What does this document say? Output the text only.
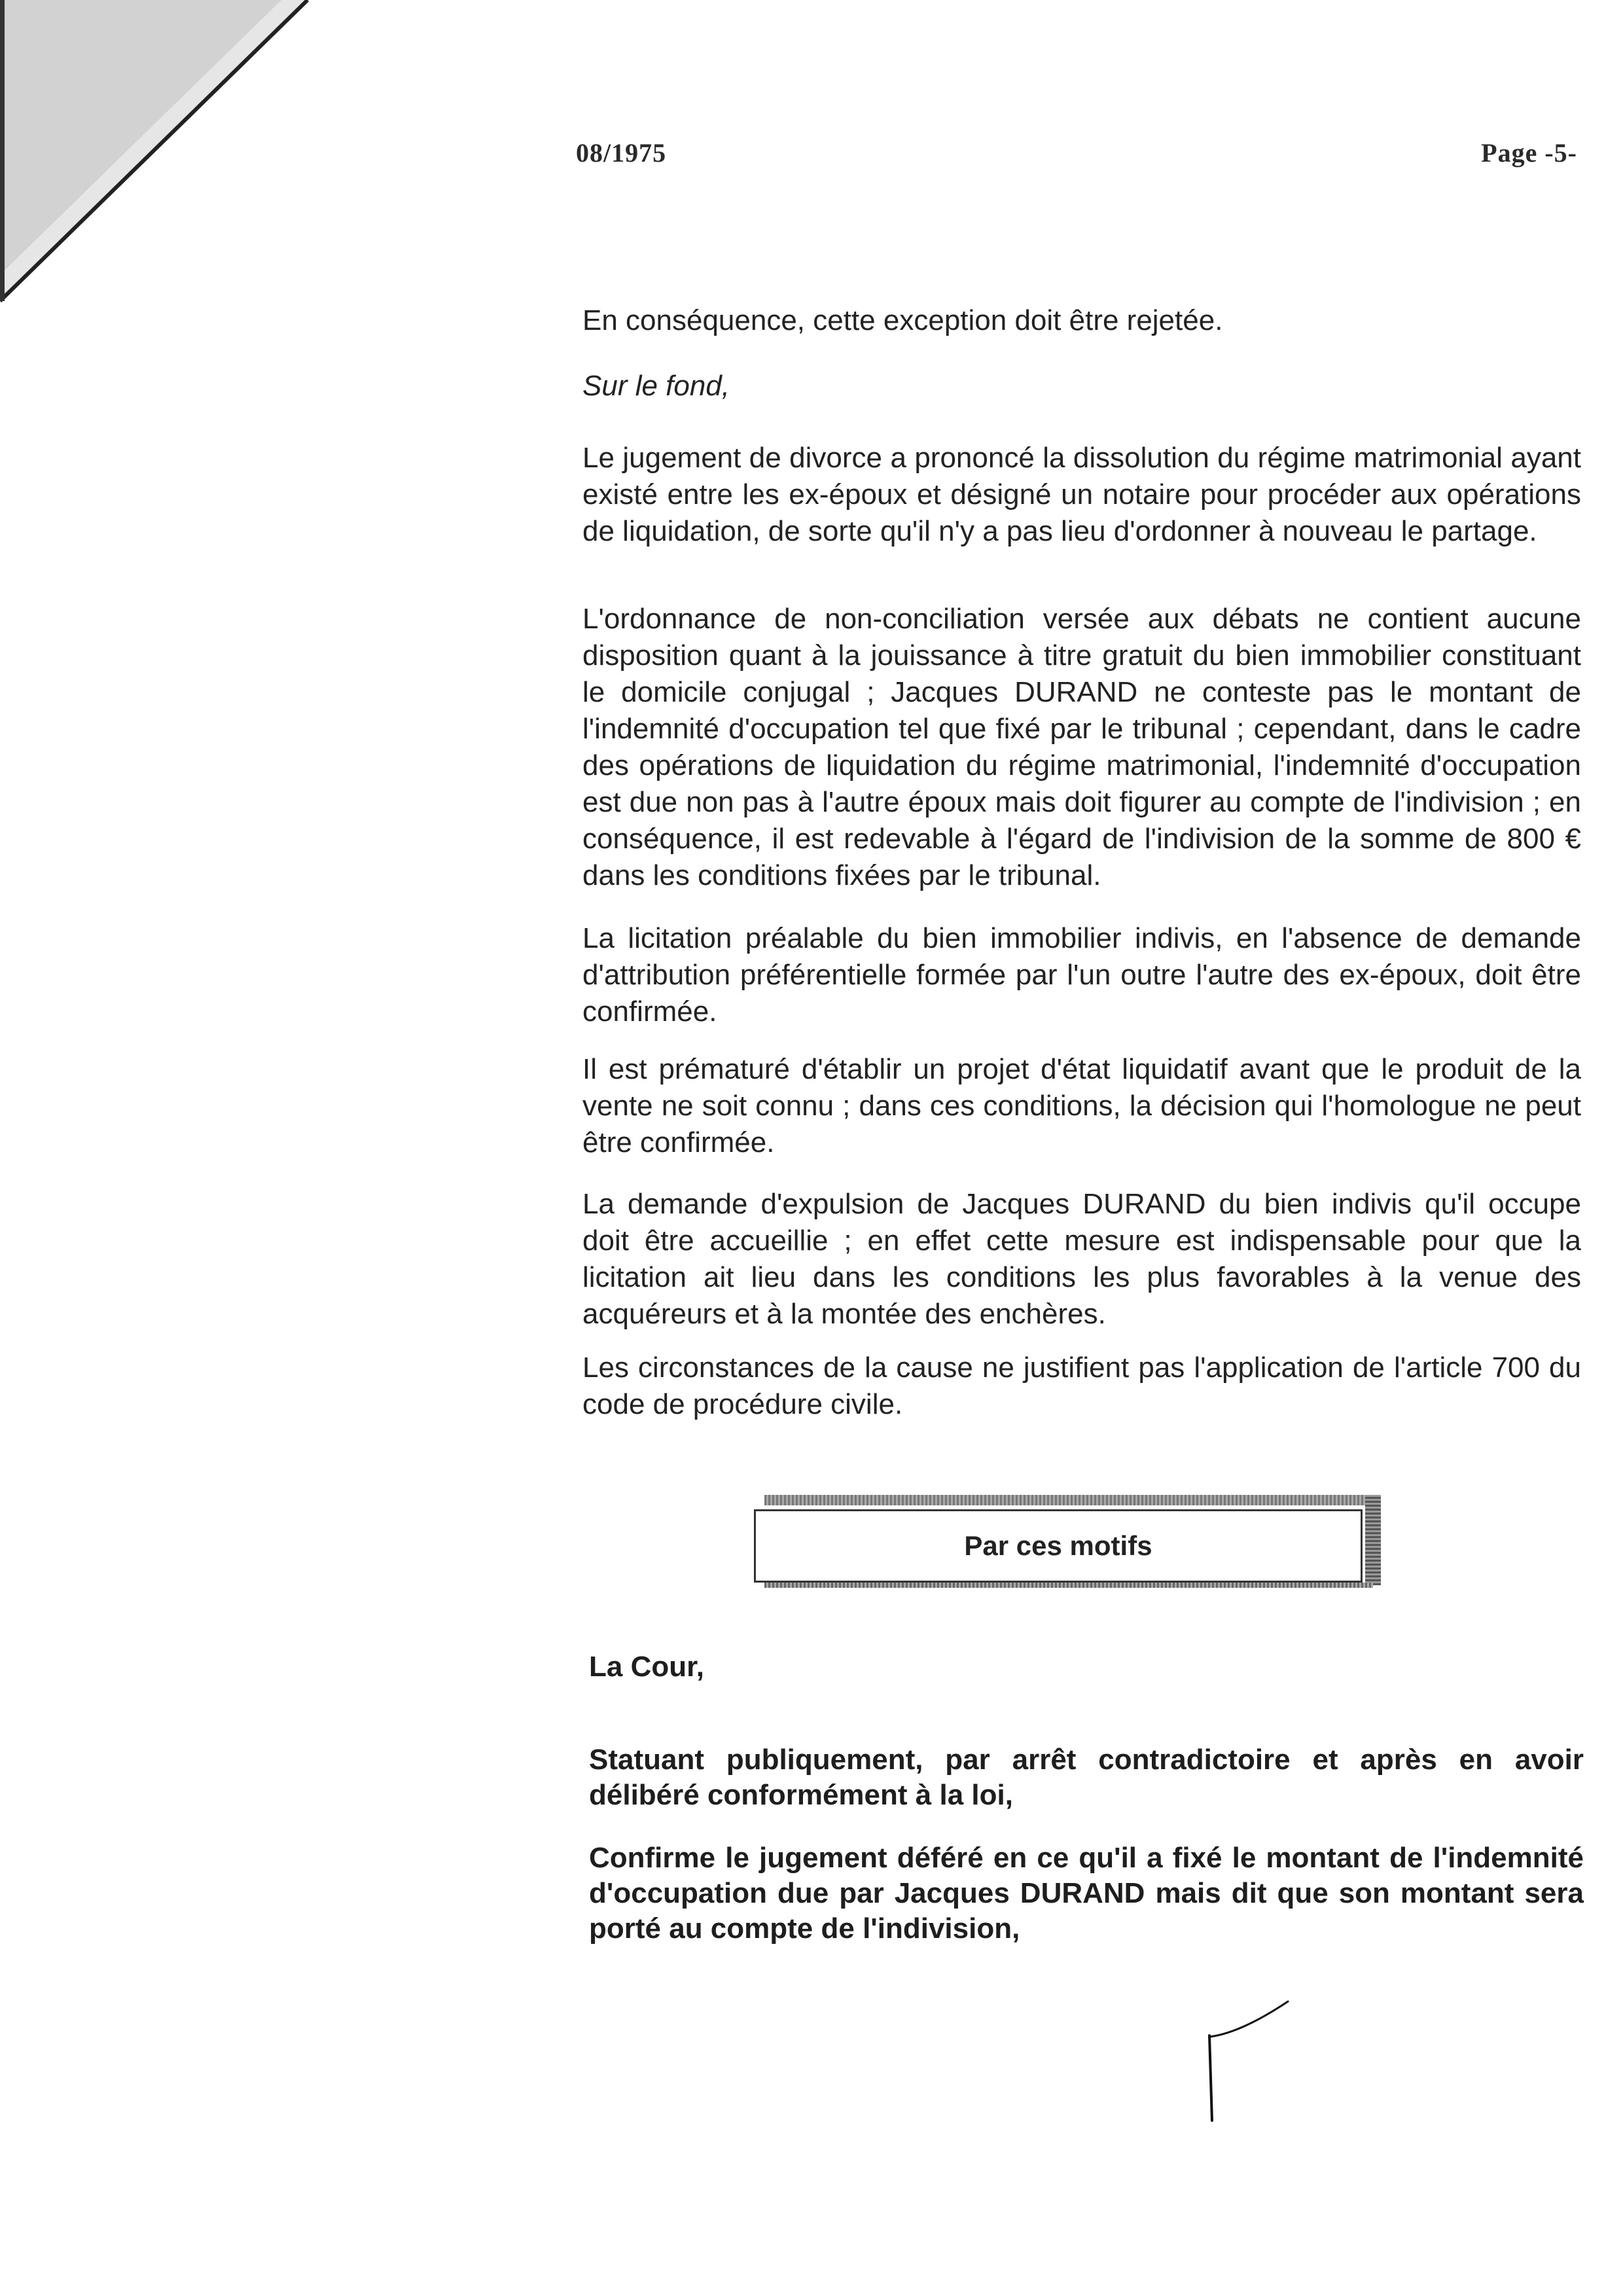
08/1975	Page -5-
En conséquence, cette exception doit être rejetée.
Sur le fond,
Le jugement de divorce a prononcé la dissolution du régime matrimonial ayant existé entre les ex-époux et désigné un notaire pour procéder aux opérations de liquidation, de sorte qu'il n'y a pas lieu d'ordonner à nouveau le partage.
L'ordonnance de non-conciliation versée aux débats ne contient aucune disposition quant à la jouissance à titre gratuit du bien immobilier constituant le domicile conjugal ; Jacques DURAND ne conteste pas le montant de l'indemnité d'occupation tel que fixé par le tribunal ; cependant, dans le cadre des opérations de liquidation du régime matrimonial, l'indemnité d'occupation est due non pas à l'autre époux mais doit figurer au compte de l'indivision ; en conséquence, il est redevable à l'égard de l'indivision de la somme de 800 € dans les conditions fixées par le tribunal.
La licitation préalable du bien immobilier indivis, en l'absence de demande d'attribution préférentielle formée par l'un outre l'autre des ex-époux, doit être confirmée.
Il est prématuré d'établir un projet d'état liquidatif avant que le produit de la vente ne soit connu ; dans ces conditions, la décision qui l'homologue ne peut être confirmée.
La demande d'expulsion de Jacques DURAND du bien indivis qu'il occupe doit être accueillie ; en effet cette mesure est indispensable pour que la licitation ait lieu dans les conditions les plus favorables à la venue des acquéreurs et à la montée des enchères.
Les circonstances de la cause ne justifient pas l'application de l'article 700 du code de procédure civile.
Par ces motifs
La Cour,
Statuant publiquement, par arrêt contradictoire et après en avoir délibéré conformément à la loi,
Confirme le jugement déféré en ce qu'il a fixé le montant de l'indemnité d'occupation due par Jacques DURAND mais dit que son montant sera porté au compte de l'indivision,
